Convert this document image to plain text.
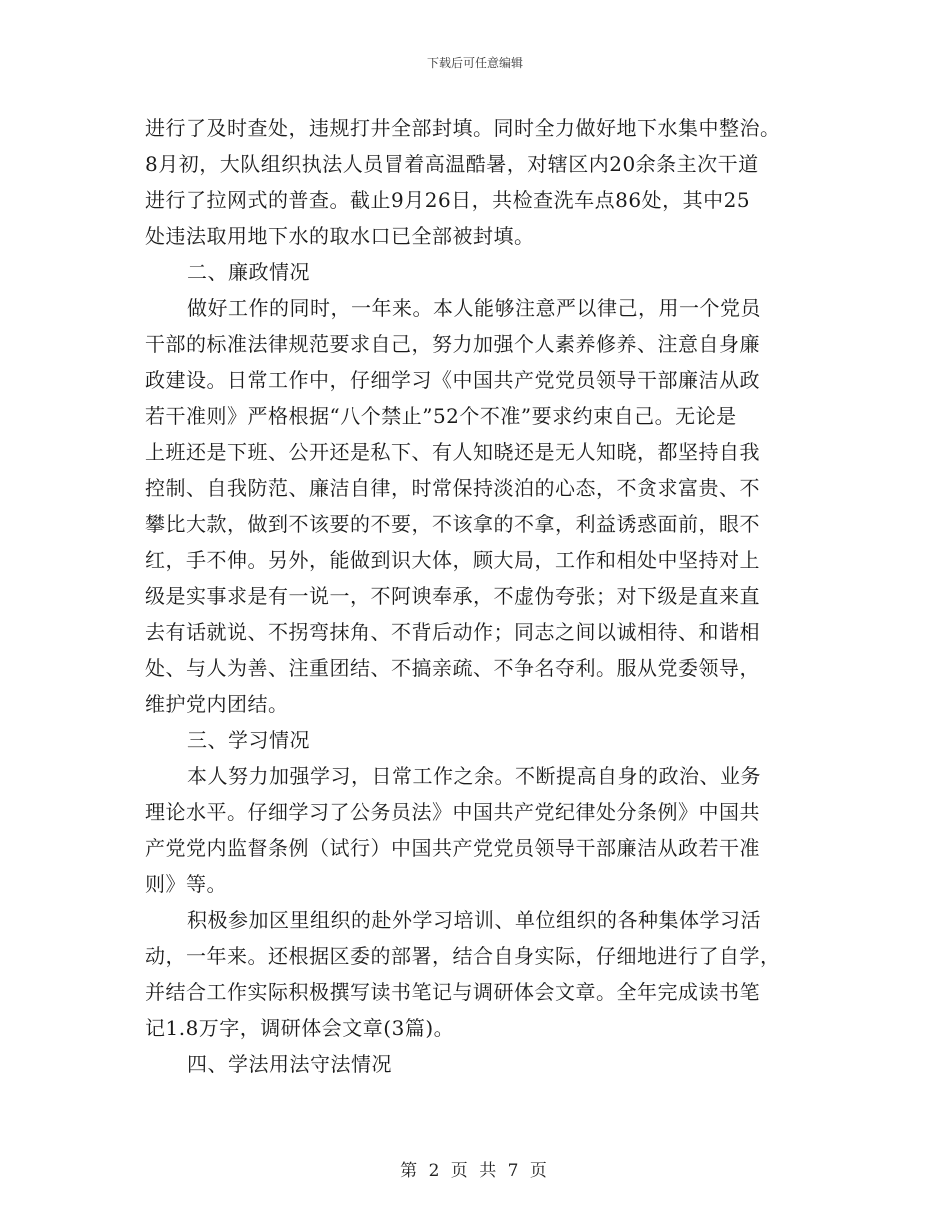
下载后可任意编辑

进行了及时查处，违规打井全部封填。同时全力做好地下水集中整治。
8月初，大队组织执法人员冒着高温酷暑，对辖区内20余条主次干道
进行了拉网式的普查。截止9月26日，共检查洗车点86处，其中25
处违法取用地下水的取水口已全部被封填。

二、廉政情况

做好工作的同时，一年来。本人能够注意严以律己，用一个党员
干部的标准法律规范要求自己，努力加强个人素养修养、注意自身廉
政建设。日常工作中，仔细学习《中国共产党党员领导干部廉洁从政
若干准则》严格根据“八个禁止”52个不准”要求约束自己。无论是
上班还是下班、公开还是私下、有人知晓还是无人知晓，都坚持自我
控制、自我防范、廉洁自律，时常保持淡泊的心态，不贪求富贵、不
攀比大款，做到不该要的不要，不该拿的不拿，利益诱惑面前，眼不
红，手不伸。另外，能做到识大体，顾大局，工作和相处中坚持对上
级是实事求是有一说一，不阿谀奉承，不虚伪夸张；对下级是直来直
去有话就说、不拐弯抹角、不背后动作；同志之间以诚相待、和谐相
处、与人为善、注重团结、不搞亲疏、不争名夺利。服从党委领导，
维护党内团结。

三、学习情况

本人努力加强学习，日常工作之余。不断提高自身的政治、业务
理论水平。仔细学习了公务员法》中国共产党纪律处分条例》中国共
产党党内监督条例（试行）中国共产党党员领导干部廉洁从政若干准
则》等。

积极参加区里组织的赴外学习培训、单位组织的各种集体学习活
动，一年来。还根据区委的部署，结合自身实际，仔细地进行了自学，
并结合工作实际积极撰写读书笔记与调研体会文章。全年完成读书笔
记1.8万字，调研体会文章(3篇)。

四、学法用法守法情况

第 2 页 共 7 页
